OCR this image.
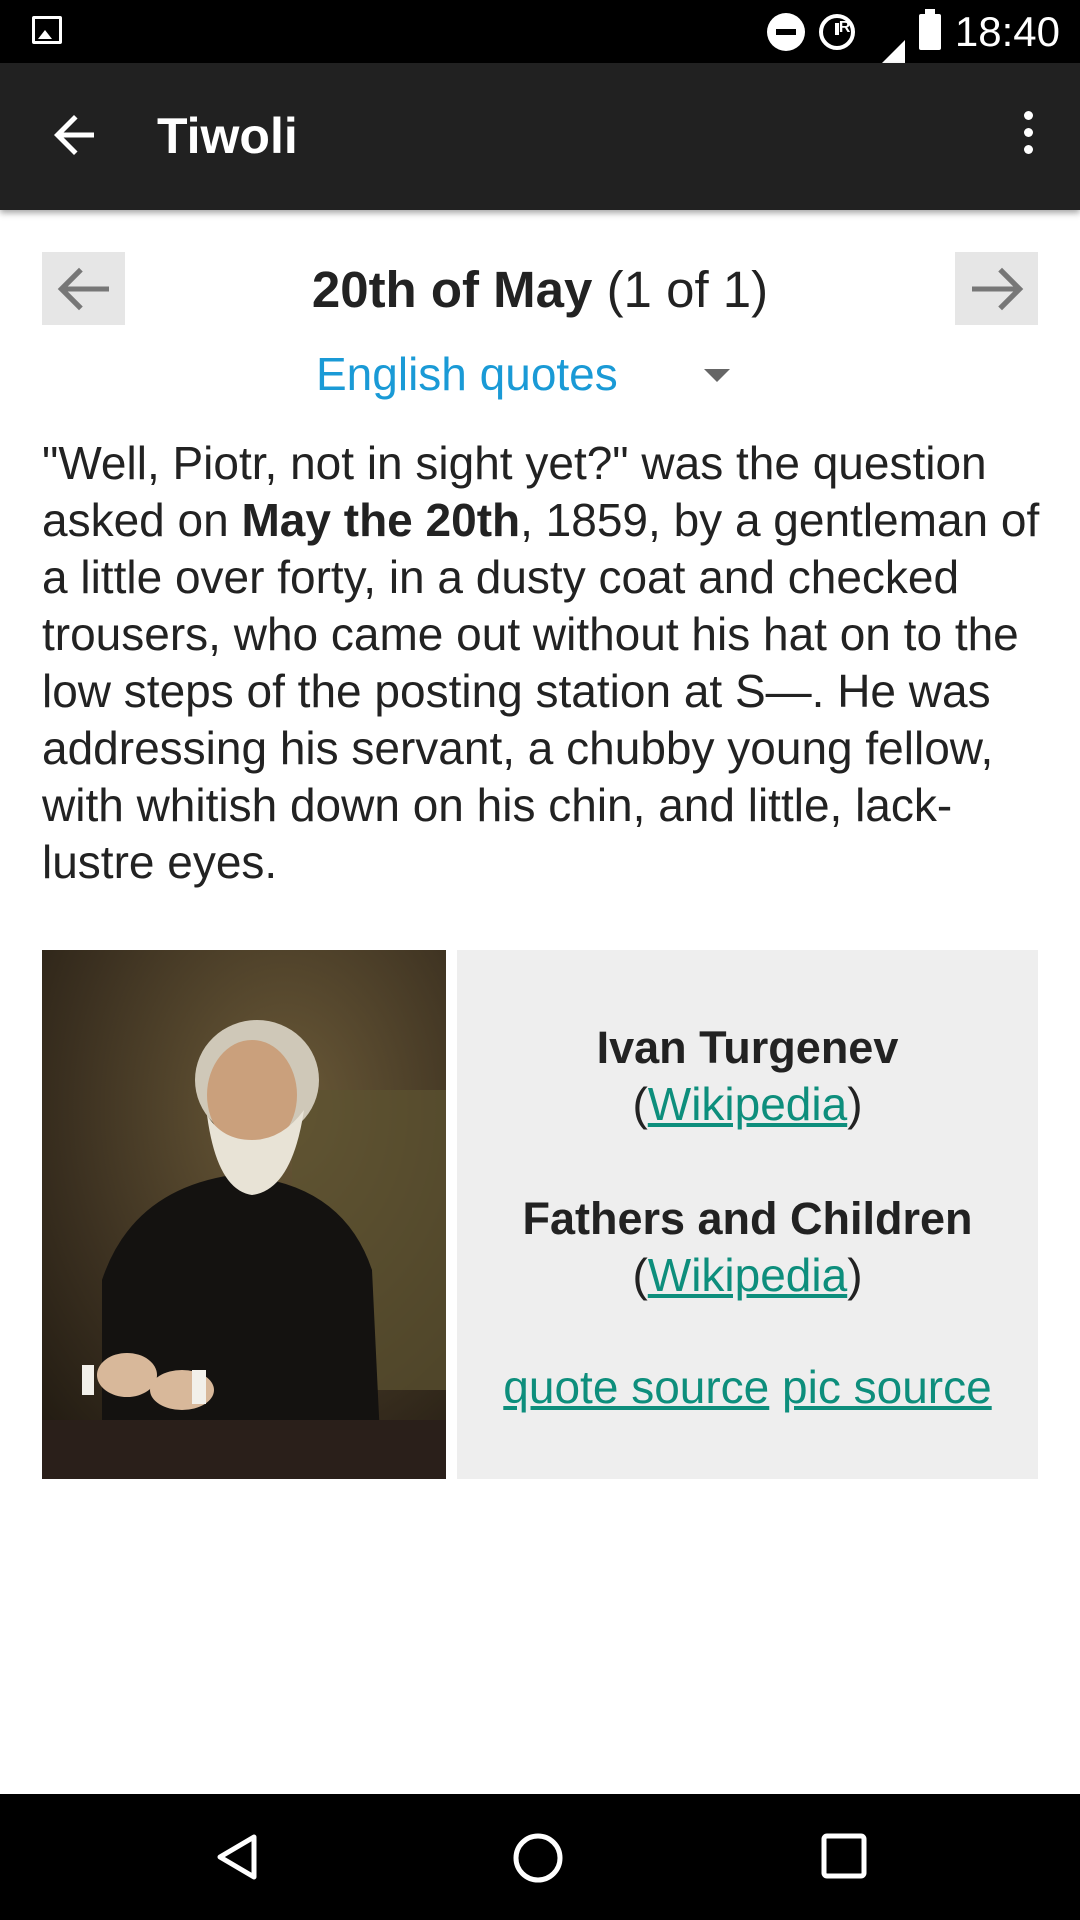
R 18:40
Tiwoli
20th of May (1 of 1)
English quotes
"Well, Piotr, not in sight yet?" was the question asked on May the 20th, 1859, by a gentleman of a little over forty, in a dusty coat and checked trousers, who came out without his hat on to the low steps of the posting station at S—. He was addressing his servant, a chubby young fellow, with whitish down on his chin, and little, lack-lustre eyes.
Ivan Turgenev
(Wikipedia)
Fathers and Children
(Wikipedia)
quote source pic source
